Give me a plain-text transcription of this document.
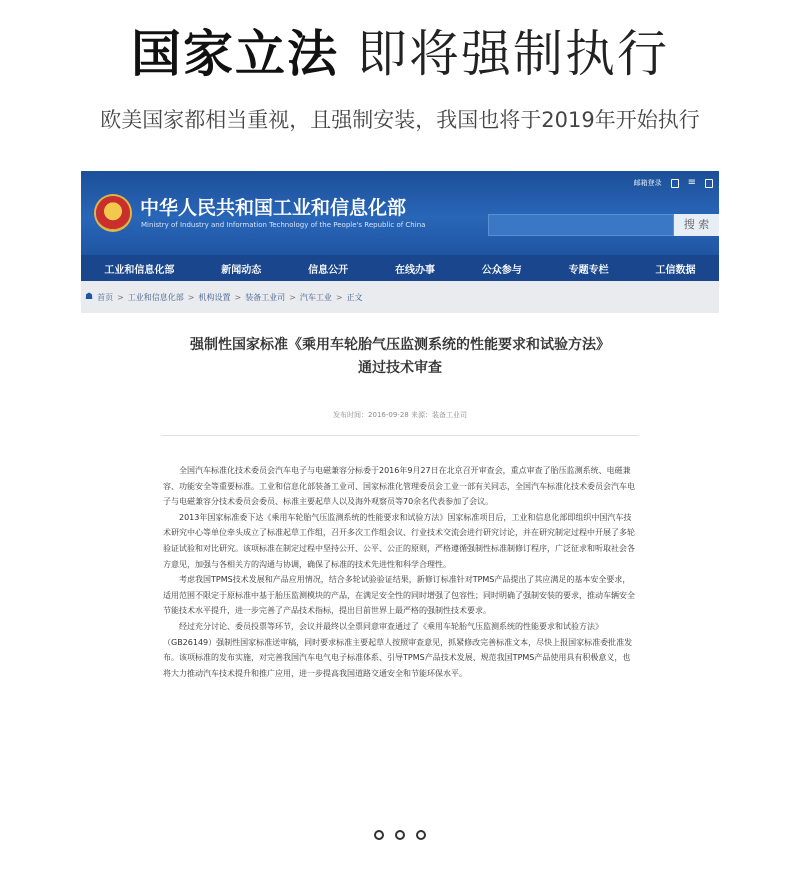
国家立法 即将强制执行
欧美国家都相当重视，且强制安装，我国也将于2019年开始执行
中华人民共和国工业和信息化部
Ministry of Industry and Information Technology of the People's Republic of China
邮箱登录	≡
搜 索
工业和信息化部	新闻动态	信息公开	在线办事	公众参与	专题专栏	工信数据
☗ 首页 > 工业和信息化部 > 机构设置 > 装备工业司 > 汽车工业 > 正文
强制性国家标准《乘用车轮胎气压监测系统的性能要求和试验方法》
通过技术审查
发布时间：2016-09-28 来源：装备工业司

全国汽车标准化技术委员会汽车电子与电磁兼容分标委于2016年9月27日在北京召开审查会，重点审查了胎压监测系统、电磁兼容、功能安全等重要标准。工业和信息化部装备工业司、国家标准化管理委员会工业一部有关同志，全国汽车标准化技术委员会汽车电子与电磁兼容分技术委员会委员、标准主要起草人以及海外观察员等70余名代表参加了会议。

2013年国家标准委下达《乘用车轮胎气压监测系统的性能要求和试验方法》国家标准项目后，工业和信息化部即组织中国汽车技术研究中心等单位牵头成立了标准起草工作组，召开多次工作组会议、行业技术交流会进行研究讨论，并在研究制定过程中开展了多轮验证试验和对比研究。该项标准在制定过程中坚持公开、公平、公正的原则，严格遵循强制性标准制修订程序，广泛征求和听取社会各方意见，加强与各相关方的沟通与协调，确保了标准的技术先进性和科学合理性。

考虑我国TPMS技术发展和产品应用情况，结合多轮试验验证结果，新修订标准针对TPMS产品提出了其应满足的基本安全要求，适用范围不限定于原标准中基于胎压监测模块的产品，在满足安全性的同时增强了包容性；同时明确了强制安装的要求，推动车辆安全节能技术水平提升，进一步完善了产品技术指标，提出目前世界上最严格的强制性技术要求。

经过充分讨论、委员投票等环节，会议并最终以全票同意审查通过了《乘用车轮胎气压监测系统的性能要求和试验方法》（GB26149）强制性国家标准送审稿，同时要求标准主要起草人按照审查意见，抓紧修改完善标准文本，尽快上报国家标准委批准发布。该项标准的发布实施，对完善我国汽车电气电子标准体系、引导TPMS产品技术发展、规范我国TPMS产品使用具有积极意义，也将大力推动汽车技术提升和推广应用，进一步提高我国道路交通安全和节能环保水平。
